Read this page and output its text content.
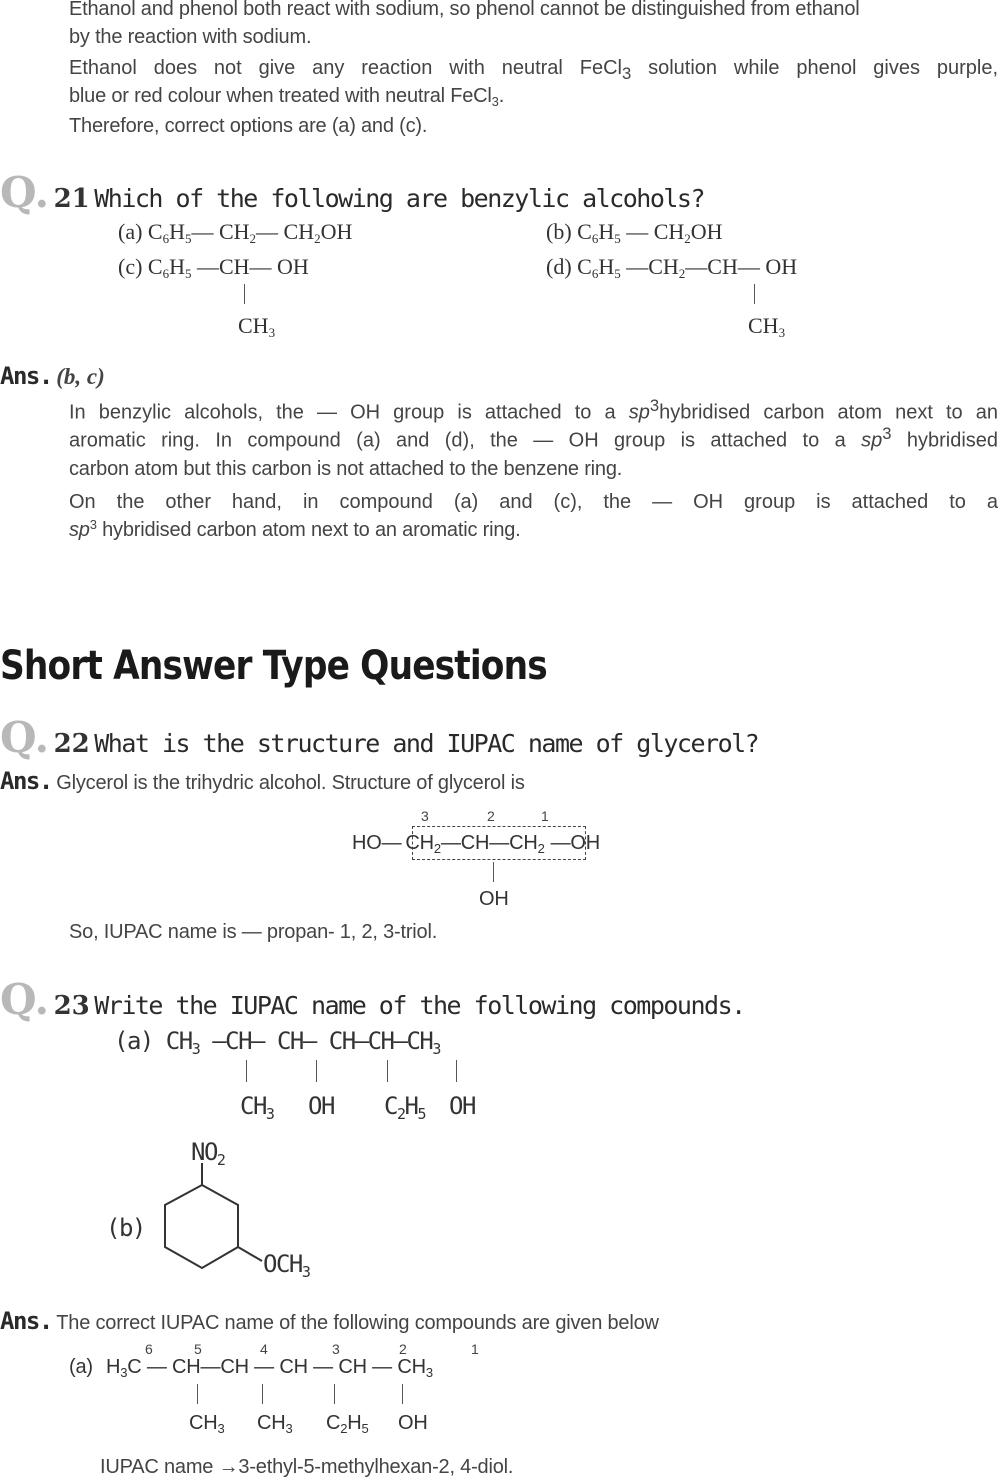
Ethanol and phenol both react with sodium, so phenol cannot be distinguished from ethanol
by the reaction with sodium.
Ethanol does not give any reaction with neutral FeCl$_3$ solution while phenol gives purple,
blue or red colour when treated with neutral FeCl$_3$.
Therefore, correct options are (a) and (c).
Q. 21 Which of the following are benzylic alcohols?
(a) $C_6H_5—$ $CH_2—$ $CH_2OH$	(b) $C_6H_5$ — $CH_2OH$
(c) $C_6H_5$ —CH— OH
$CH_3$
(d) $C_6H_5$ $—CH_2—CH—$ OH
$CH_3$
Ans. (b, c)
In benzylic alcohols, the — OH group is attached to a $sp^3hybridised$ carbon atom next to an
aromatic ring. In compound (a) and (d), the — OH group is attached to a $sp^3$ hybridised
carbon atom but this carbon is not attached to the benzene ring.
On the other hand, in compound (a) and (c), the — OH group is attached to a
$sp^3$ hybridised carbon atom next to an aromatic ring.
Short Answer Type Questions
Q. 22 What is the structure and IUPAC name of glycerol?
Ans. Glycerol is the trihydric alcohol. Structure of glycerol is
3	2	1
HO— $CH_2—CH—CH_2$ —OH
OH
So, IUPAC name is — propan- 1, 2, 3-triol.
Q. 23 Write the IUPAC name of the following compounds.
(a) $CH_3$ —CH— CH— $CH—CH—CH_3$
$CH_3$ OH $C_2H_5$ OH
(b)
$NO_2$
$OCH_3$
Ans. The correct IUPAC name of the following compounds are given below
(a)
6	5	4	3	2	1
$H_3C$ — CH—CH — CH — CH — $CH_3$
$CH_3$ $CH_3$ $C_2H_5$ OH
IUPAC name →3-ethyl-5-methylhexan-2, 4-diol.
